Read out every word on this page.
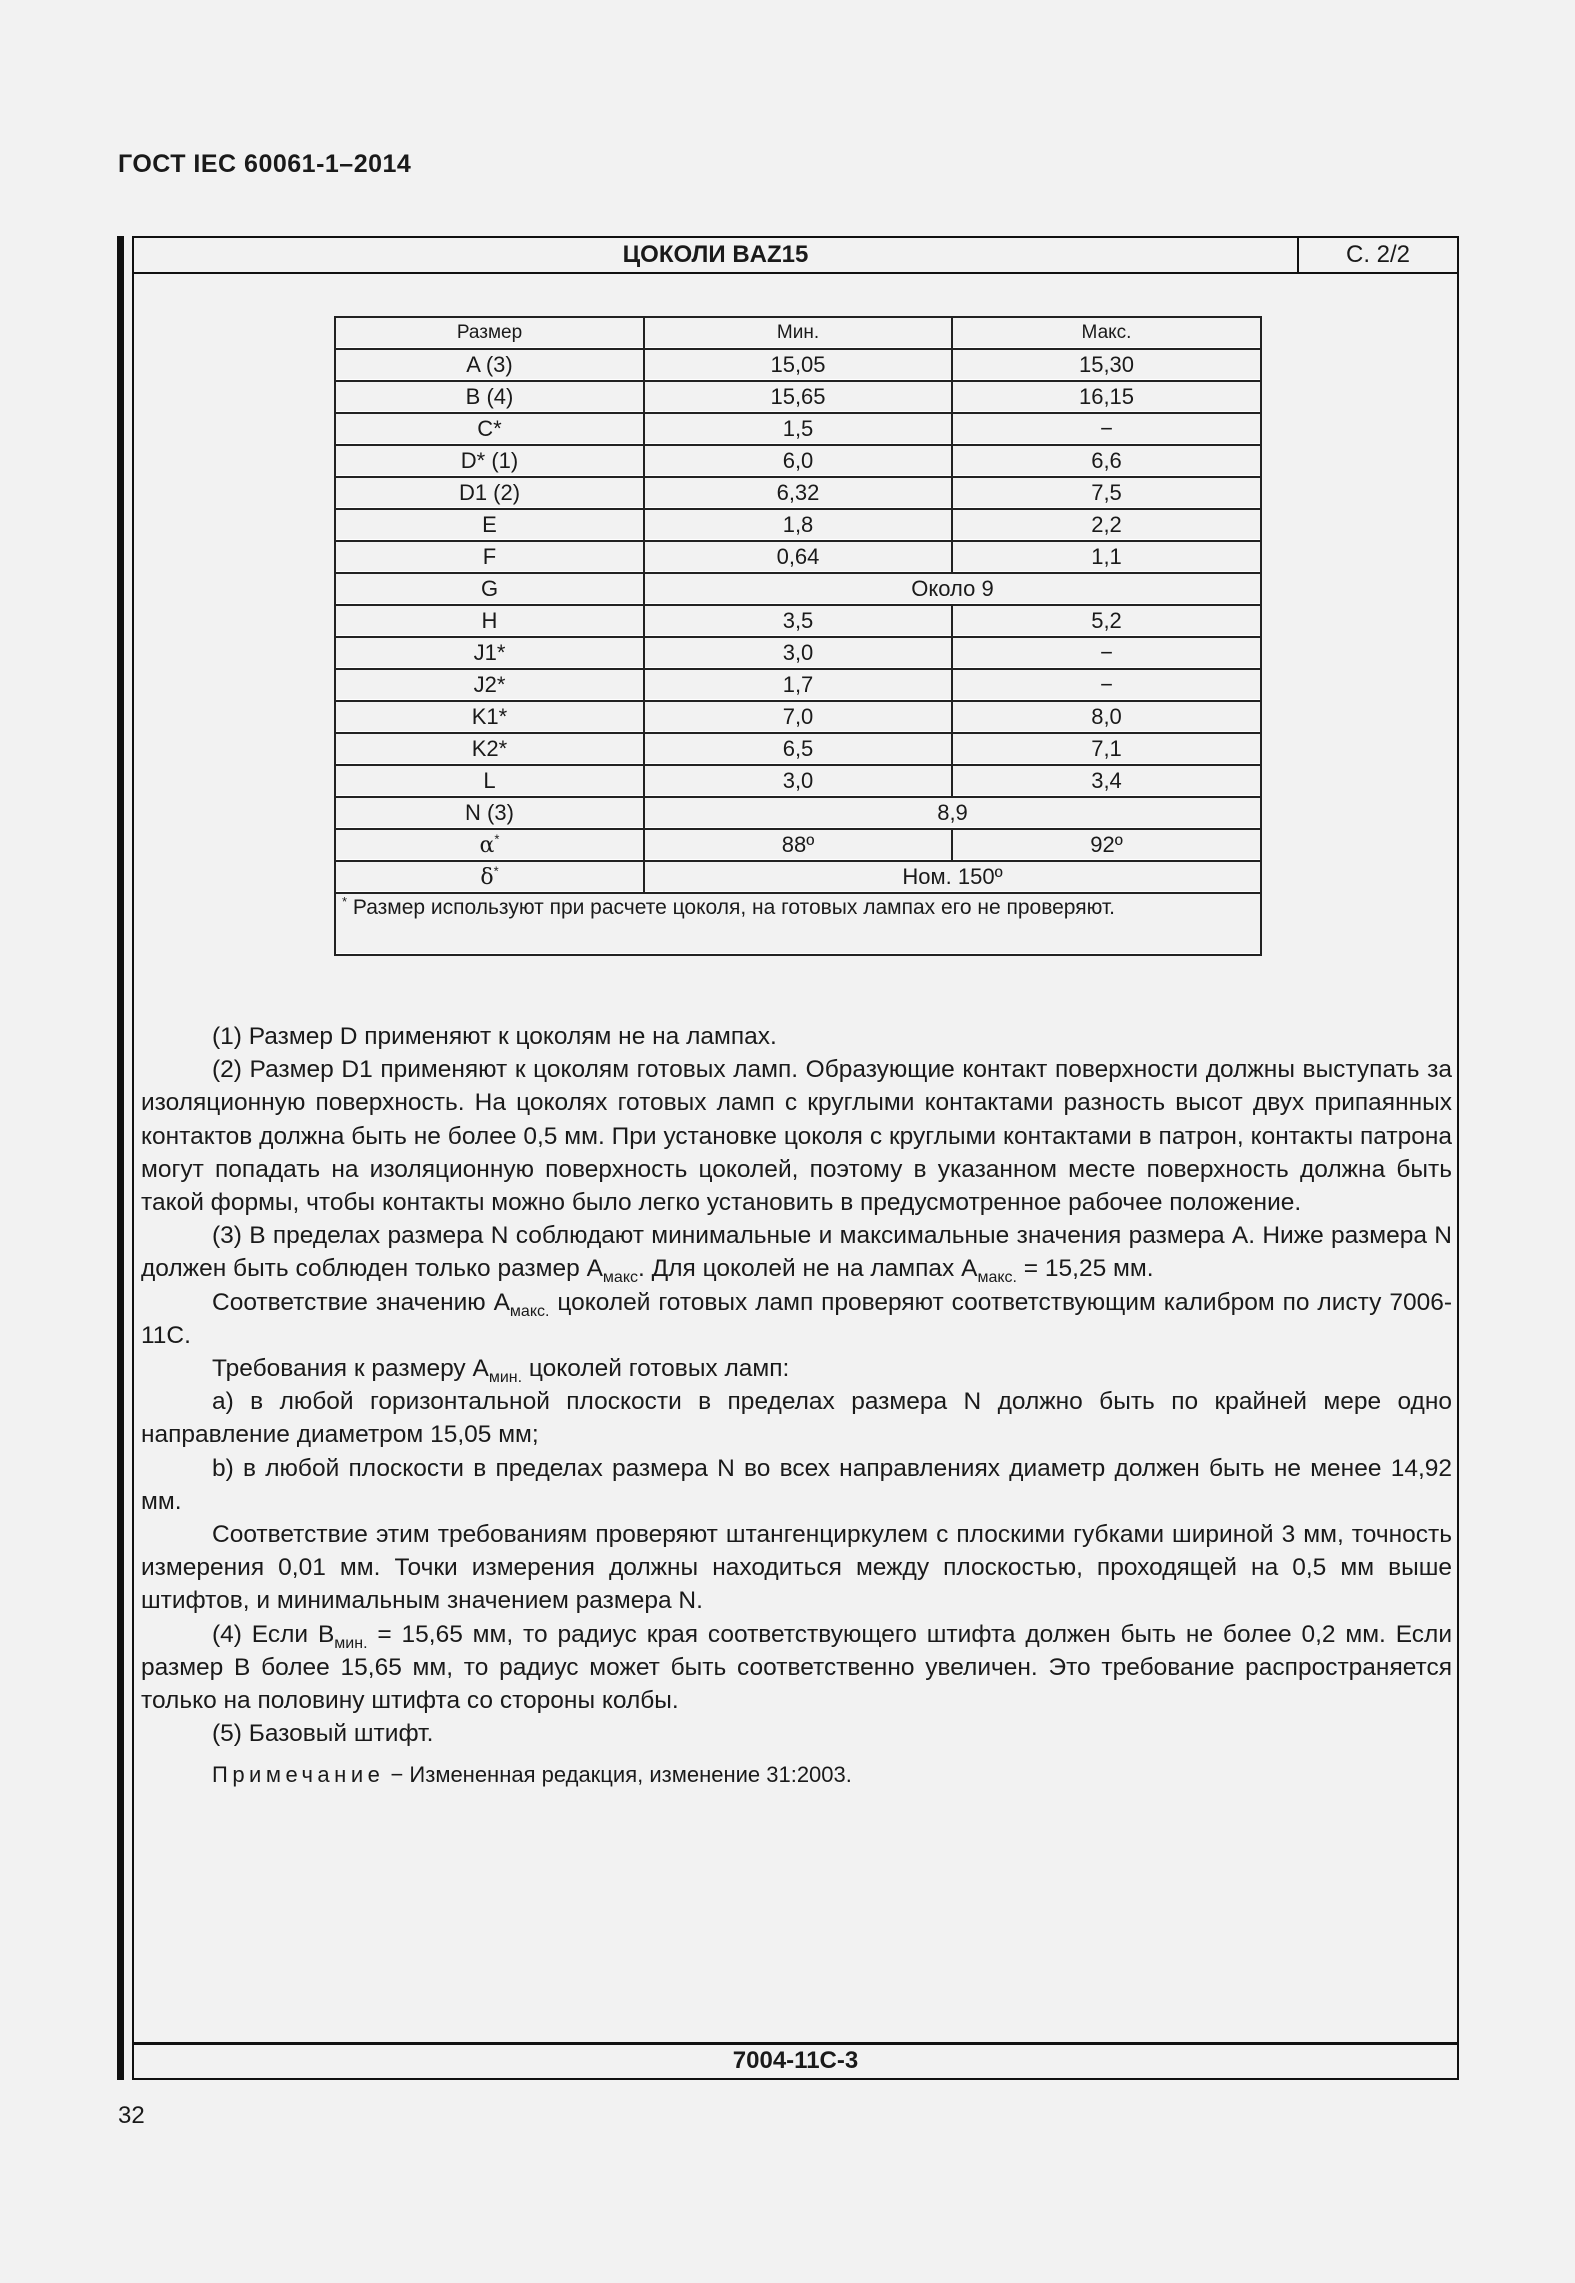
ГОСТ IEC 60061-1–2014
ЦОКОЛИ BAZ15	С. 2/2
Размер	Мин.	Макс.
A (3)	15,05	15,30
B (4)	15,65	16,15
C*	1,5	−
D* (1)	6,0	6,6
D1 (2)	6,32	7,5
E	1,8	2,2
F	0,64	1,1
G	Около 9	
H	3,5	5,2
J1*	3,0	−
J2*	1,7	−
K1*	7,0	8,0
K2*	6,5	7,1
L	3,0	3,4
N (3)	8,9	
α*	88º	92º
δ*	Ном. 150º	
* Размер используют при расчете цоколя, на готовых лампах его не проверяют.		
7004-11С-3

(1) Размер D применяют к цоколям не на лампах.

(2) Размер D1 применяют к цоколям готовых ламп. Образующие контакт поверхности должны выступать за изоляционную поверхность. На цоколях готовых ламп с круглыми контактами разность высот двух припаянных контактов должна быть не более 0,5 мм. При установке цоколя с круглыми контактами в патрон, контакты патрона могут попадать на изоляционную поверхность цоколей, поэтому в указанном месте поверхность должна быть такой формы, чтобы контакты можно было легко установить в предусмотренное рабочее положение.

(3) В пределах размера N соблюдают минимальные и максимальные значения размера А. Ниже размера N должен быть соблюден только размер $А_{макс}$. Для цоколей не на лампах $А_{макс.} = 15,25$ мм.

Соответствие значению $А_{макс.}$ цоколей готовых ламп проверяют соответствующим калибром по листу 7006-11С.

Требования к размеру $А_{мин.}$ цоколей готовых ламп:

а) в любой горизонтальной плоскости в пределах размера N должно быть по крайней мере одно направление диаметром 15,05 мм;

b) в любой плоскости в пределах размера N во всех направлениях диаметр должен быть не менее 14,92 мм.

Соответствие этим требованиям проверяют штангенциркулем с плоскими губками шириной 3 мм, точность измерения 0,01 мм. Точки измерения должны находиться между плоскостью, проходящей на 0,5 мм выше штифтов, и минимальным значением размера N.

(4) Если $В_{мин.} = 15,65$ мм, то радиус края соответствующего штифта должен быть не более 0,2 мм. Если размер В более 15,65 мм, то радиус может быть соответственно увеличен. Это требование распространяется только на половину штифта со стороны колбы.

(5) Базовый штифт.

Примечание − Измененная редакция, изменение 31:2003.

32
